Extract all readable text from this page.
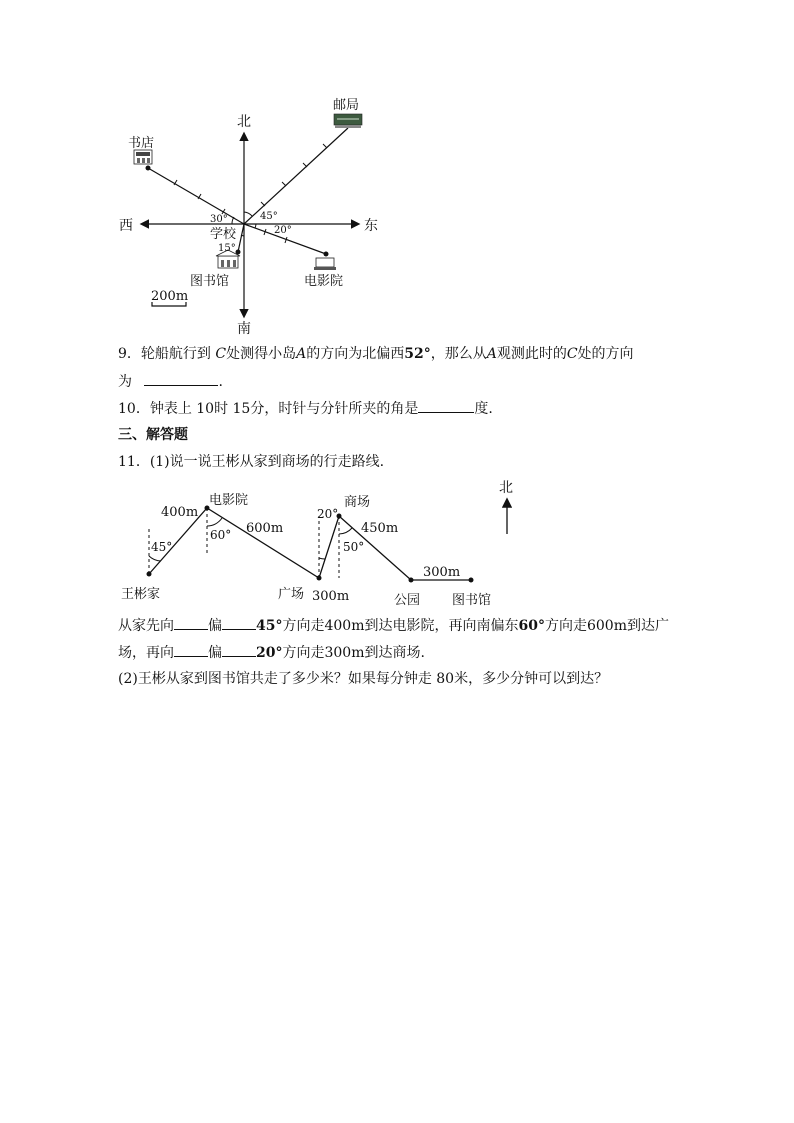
北
南
西	东
学校
邮局
书店
图书馆	电影院
45°
30°
20°
15°
200m
9．轮船航行到 C处测得小岛A的方向为北偏西52°，那么从A观测此时的C处的方向
为	.
10．钟表上 10时 15分，时针与分针所夹的角是	度.
三、解答题
11．(1)说一说王彬从家到商场的行走路线.
北
王彬家
电影院
广场
商场
公园 图书馆
400m
600m
300m
450m
300m
45°
60°
20°
50°
从家先向 偏 45°方向走400m到达电影院，再向南偏东60°方向走600m到达广
场，再向 偏 20°方向走300m到达商场.
(2)王彬从家到图书馆共走了多少米？如果每分钟走 80米，多少分钟可以到达？
